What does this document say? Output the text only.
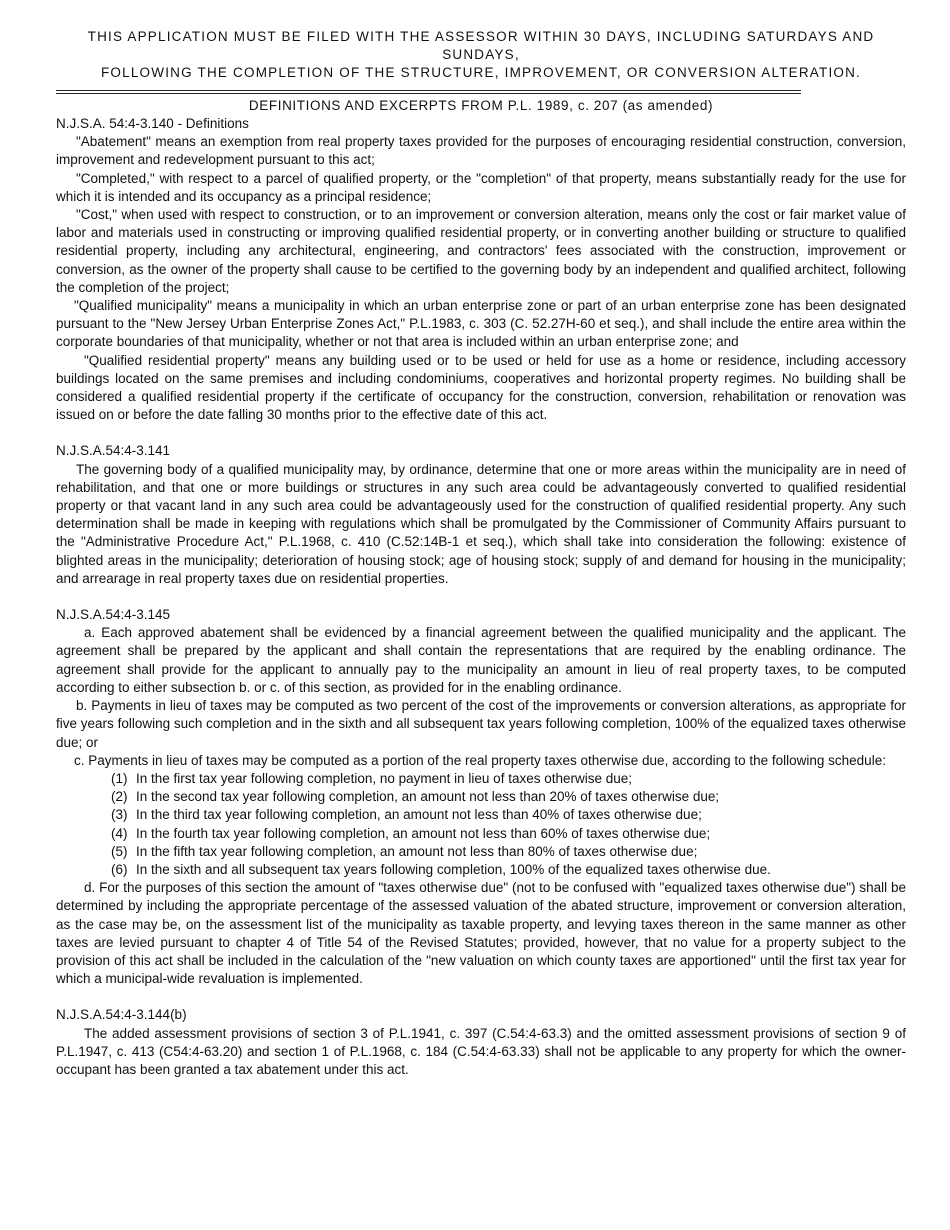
THIS APPLICATION MUST BE FILED WITH THE ASSESSOR WITHIN 30 DAYS, INCLUDING SATURDAYS AND SUNDAYS,
FOLLOWING THE COMPLETION OF THE STRUCTURE, IMPROVEMENT, OR CONVERSION ALTERATION.
DEFINITIONS AND EXCERPTS FROM P.L. 1989, c. 207 (as amended)
N.J.S.A. 54:4-3.140 - Definitions

"Abatement" means an exemption from real property taxes provided for the purposes of encouraging residential construction, conversion, improvement and redevelopment pursuant to this act;

"Completed," with respect to a parcel of qualified property, or the "completion" of that property, means substantially ready for the use for which it is intended and its occupancy as a principal residence;

"Cost," when used with respect to construction, or to an improvement or conversion alteration, means only the cost or fair market value of labor and materials used in constructing or improving qualified residential property, or in converting another building or structure to qualified residential property, including any architectural, engineering, and contractors' fees associated with the construction, improvement or conversion, as the owner of the property shall cause to be certified to the governing body by an independent and qualified architect, following the completion of the project;

"Qualified municipality" means a municipality in which an urban enterprise zone or part of an urban enterprise zone has been designated pursuant to the "New Jersey Urban Enterprise Zones Act," P.L.1983, c. 303 (C. 52.27H-60 et seq.), and shall include the entire area within the corporate boundaries of that municipality, whether or not that area is included within an urban enterprise zone; and

"Qualified residential property" means any building used or to be used or held for use as a home or residence, including accessory buildings located on the same premises and including condominiums, cooperatives and horizontal property regimes. No building shall be considered a qualified residential property if the certificate of occupancy for the construction, conversion, rehabilitation or renovation was issued on or before the date falling 30 months prior to the effective date of this act.

N.J.S.A.54:4-3.141

The governing body of a qualified municipality may, by ordinance, determine that one or more areas within the municipality are in need of rehabilitation, and that one or more buildings or structures in any such area could be advantageously converted to qualified residential property or that vacant land in any such area could be advantageously used for the construction of qualified residential property. Any such determination shall be made in keeping with regulations which shall be promulgated by the Commissioner of Community Affairs pursuant to the "Administrative Procedure Act," P.L.1968, c. 410 (C.52:14B-1 et seq.), which shall take into consideration the following: existence of blighted areas in the municipality; deterioration of housing stock; age of housing stock; supply of and demand for housing in the municipality; and arrearage in real property taxes due on residential properties.

N.J.S.A.54:4-3.145

a. Each approved abatement shall be evidenced by a financial agreement between the qualified municipality and the applicant. The agreement shall be prepared by the applicant and shall contain the representations that are required by the enabling ordinance. The agreement shall provide for the applicant to annually pay to the municipality an amount in lieu of real property taxes, to be computed according to either subsection b. or c. of this section, as provided for in the enabling ordinance.

b. Payments in lieu of taxes may be computed as two percent of the cost of the improvements or conversion alterations, as appropriate for five years following such completion and in the sixth and all subsequent tax years following completion, 100% of the equalized taxes otherwise due; or

c. Payments in lieu of taxes may be computed as a portion of the real property taxes otherwise due, according to the following schedule:

(1) In the first tax year following completion, no payment in lieu of taxes otherwise due;
(2) In the second tax year following completion, an amount not less than 20% of taxes otherwise due;
(3) In the third tax year following completion, an amount not less than 40% of taxes otherwise due;
(4) In the fourth tax year following completion, an amount not less than 60% of taxes otherwise due;
(5) In the fifth tax year following completion, an amount not less than 80% of taxes otherwise due;
(6) In the sixth and all subsequent tax years following completion, 100% of the equalized taxes otherwise due.

d. For the purposes of this section the amount of "taxes otherwise due" (not to be confused with "equalized taxes otherwise due") shall be determined by including the appropriate percentage of the assessed valuation of the abated structure, improvement or conversion alteration, as the case may be, on the assessment list of the municipality as taxable property, and levying taxes thereon in the same manner as other taxes are levied pursuant to chapter 4 of Title 54 of the Revised Statutes; provided, however, that no value for a property subject to the provision of this act shall be included in the calculation of the "new valuation on which county taxes are apportioned" until the first tax year for which a municipal-wide revaluation is implemented.

N.J.S.A.54:4-3.144(b)

The added assessment provisions of section 3 of P.L.1941, c. 397 (C.54:4-63.3) and the omitted assessment provisions of section 9 of P.L.1947, c. 413 (C54:4-63.20) and section 1 of P.L.1968, c. 184 (C.54:4-63.33) shall not be applicable to any property for which the owner-occupant has been granted a tax abatement under this act.
